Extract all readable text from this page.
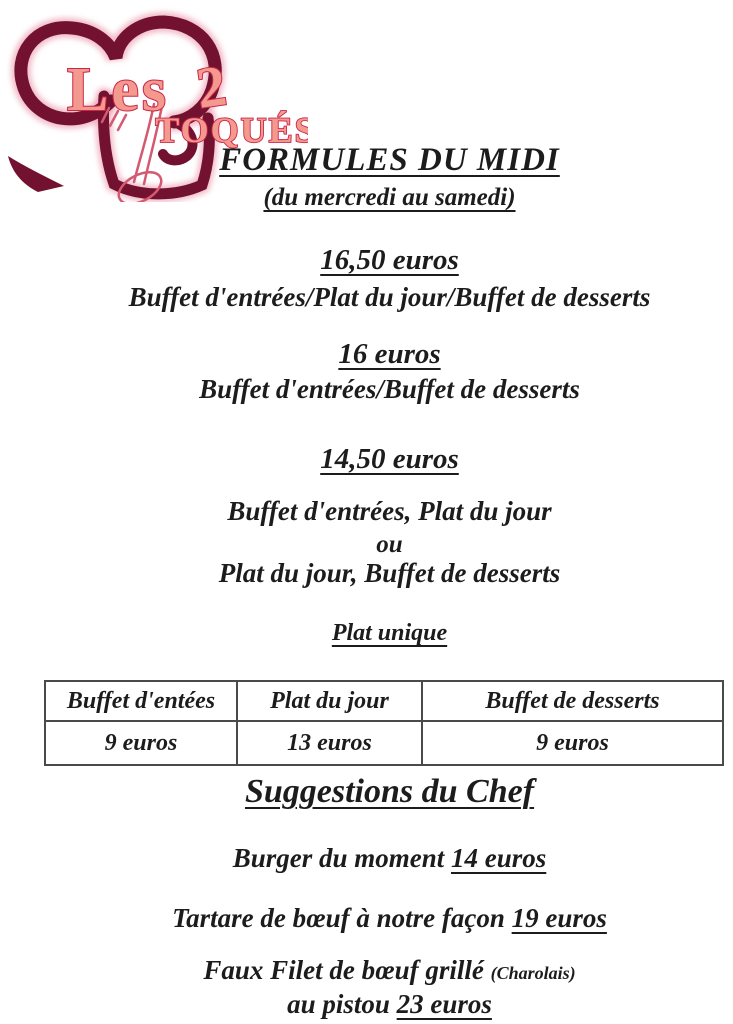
Les 2
TOQUÉS
FORMULES DU MIDI
(du mercredi au samedi)
16,50 euros
Buffet d'entrées/Plat du jour/Buffet de desserts
16 euros
Buffet d'entrées/Buffet de desserts
14,50 euros
Buffet d'entrées, Plat du jour
ou
Plat du jour, Buffet de desserts
Plat unique
Buffet d'entées	Plat du jour	Buffet de desserts
9 euros	13 euros	9 euros
Suggestions du Chef
Burger du moment 14 euros
Tartare de bœuf à notre façon 19 euros
Faux Filet de bœuf grillé (Charolais)
au pistou 23 euros
